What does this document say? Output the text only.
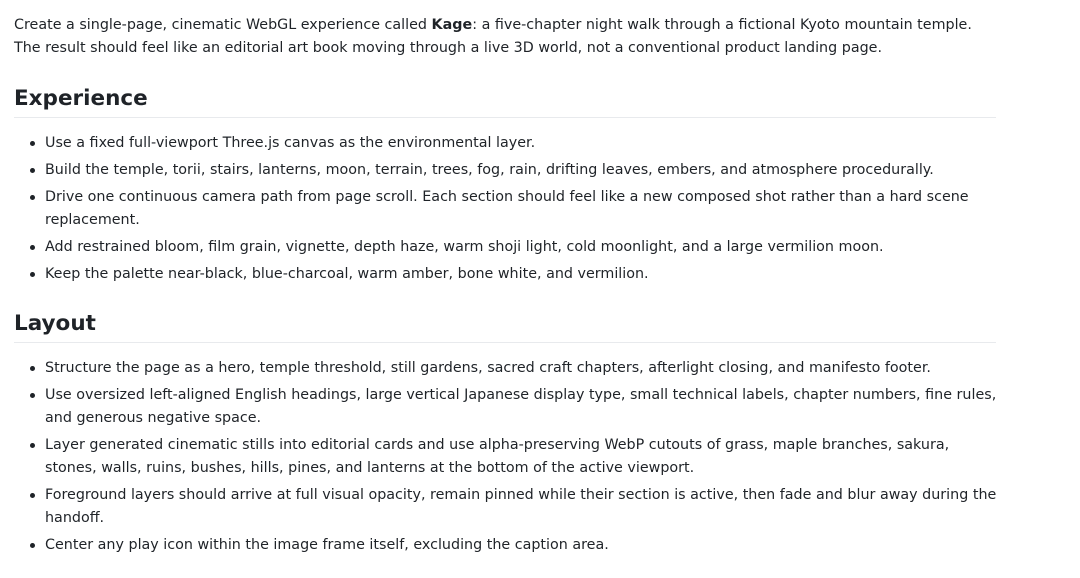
Create a single-page, cinematic WebGL experience called Kage: a five-chapter night walk through a fictional Kyoto mountain temple. The result should feel like an editorial art book moving through a live 3D world, not a conventional product landing page.

Experience
Use a fixed full-viewport Three.js canvas as the environmental layer.
Build the temple, torii, stairs, lanterns, moon, terrain, trees, fog, rain, drifting leaves, embers, and atmosphere procedurally.
Drive one continuous camera path from page scroll. Each section should feel like a new composed shot rather than a hard scene replacement.
Add restrained bloom, film grain, vignette, depth haze, warm shoji light, cold moonlight, and a large vermilion moon.
Keep the palette near-black, blue-charcoal, warm amber, bone white, and vermilion.
Layout
Structure the page as a hero, temple threshold, still gardens, sacred craft chapters, afterlight closing, and manifesto footer.
Use oversized left-aligned English headings, large vertical Japanese display type, small technical labels, chapter numbers, fine rules, and generous negative space.
Layer generated cinematic stills into editorial cards and use alpha-preserving WebP cutouts of grass, maple branches, sakura, stones, walls, ruins, bushes, hills, pines, and lanterns at the bottom of the active viewport.
Foreground layers should arrive at full visual opacity, remain pinned while their section is active, then fade and blur away during the handoff.
Center any play icon within the image frame itself, excluding the caption area.
